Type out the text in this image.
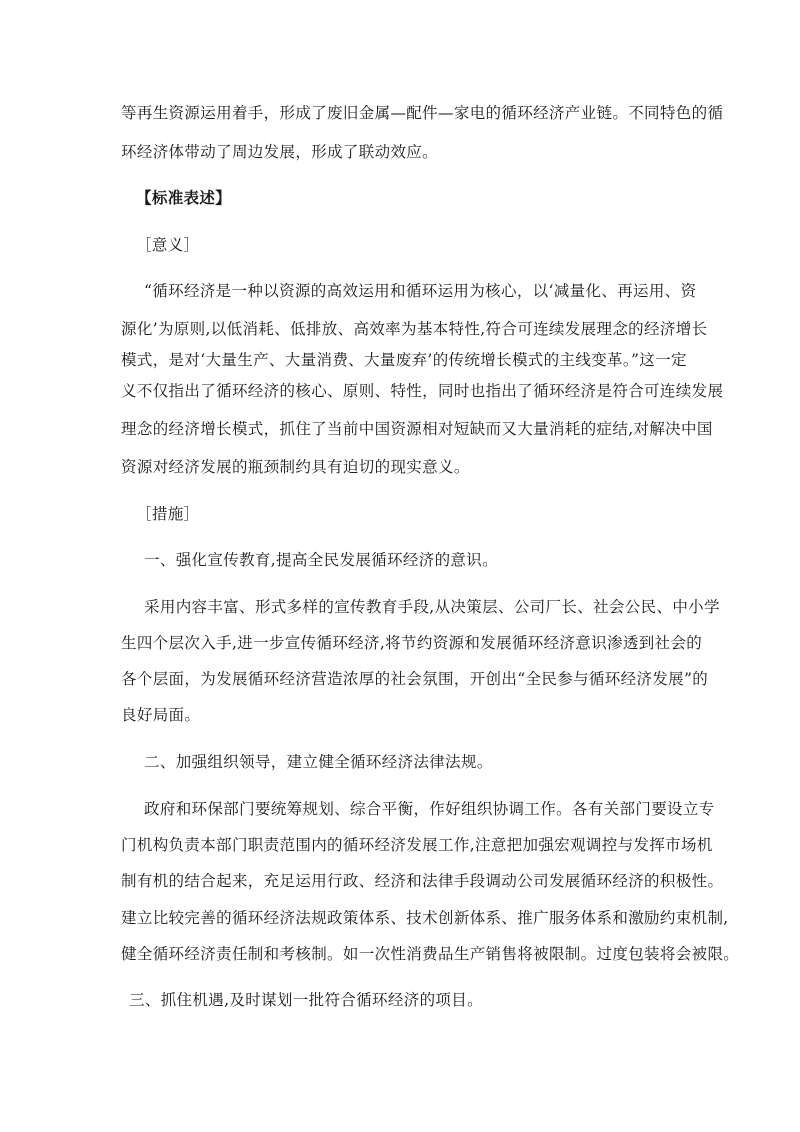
等再生资源运用着手，形成了废旧金属—配件—家电的循环经济产业链。不同特色的循
环经济体带动了周边发展，形成了联动效应。
【标准表述】
［意义］
“循环经济是一种以资源的高效运用和循环运用为核心，以‘减量化、再运用、资
源化’为原则,以低消耗、低排放、高效率为基本特性,符合可连续发展理念的经济增长
模式，是对‘大量生产、大量消费、大量废弃’的传统增长模式的主线变革。”这一定
义不仅指出了循环经济的核心、原则、特性，同时也指出了循环经济是符合可连续发展
理念的经济增长模式，抓住了当前中国资源相对短缺而又大量消耗的症结,对解决中国
资源对经济发展的瓶颈制约具有迫切的现实意义。
［措施］
一、强化宣传教育,提高全民发展循环经济的意识。
采用内容丰富、形式多样的宣传教育手段,从决策层、公司厂长、社会公民、中小学
生四个层次入手,进一步宣传循环经济,将节约资源和发展循环经济意识渗透到社会的
各个层面，为发展循环经济营造浓厚的社会氛围，开创出“全民参与循环经济发展”的
良好局面。
二、加强组织领导，建立健全循环经济法律法规。
政府和环保部门要统筹规划、综合平衡，作好组织协调工作。各有关部门要设立专
门机构负责本部门职责范围内的循环经济发展工作,注意把加强宏观调控与发挥市场机
制有机的结合起来，充足运用行政、经济和法律手段调动公司发展循环经济的积极性。
建立比较完善的循环经济法规政策体系、技术创新体系、推广服务体系和激励约束机制,
健全循环经济责任制和考核制。如一次性消费品生产销售将被限制。过度包装将会被限。
三、抓住机遇,及时谋划一批符合循环经济的项目。
